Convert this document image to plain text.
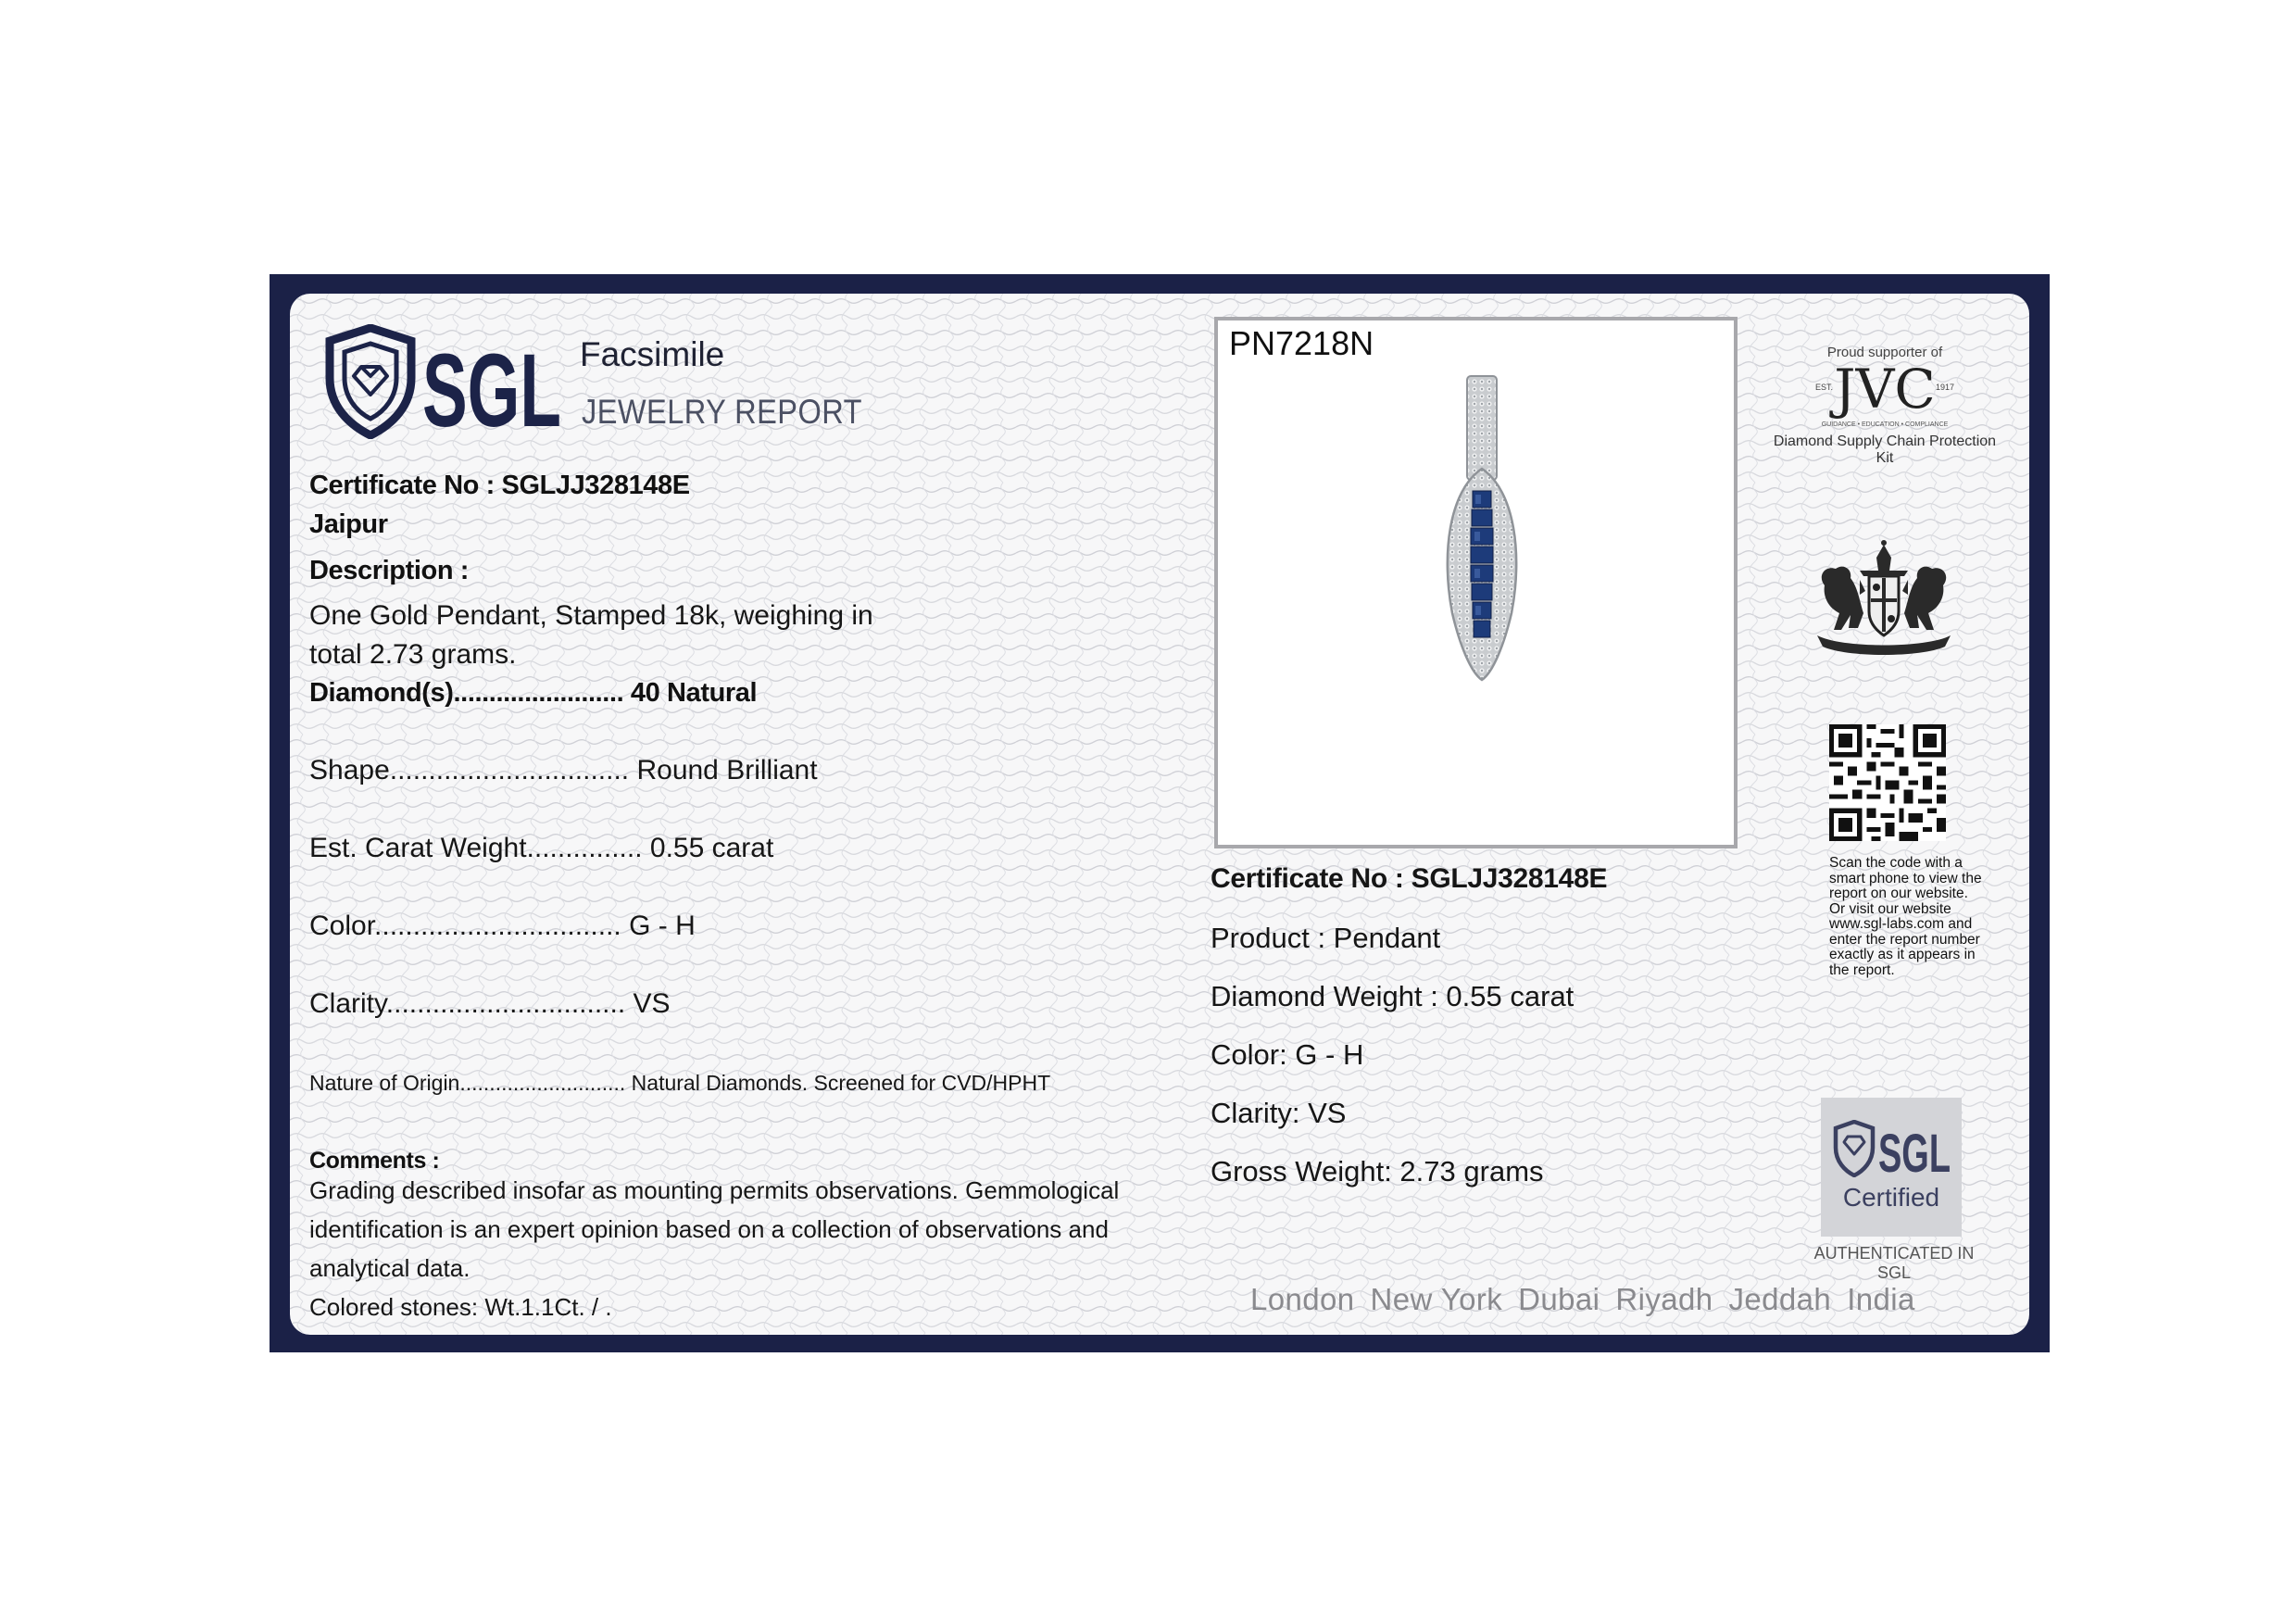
SGL Facsimile
JEWELRY REPORT
Certificate No : SGLJJ328148E
Jaipur
Description :
One Gold Pendant, Stamped 18k, weighing in
total 2.73 grams.
Diamond(s)........................ 40 Natural
Shape............................... Round Brilliant
Est. Carat Weight............... 0.55 carat
Color................................ G - H
Clarity............................... VS
Nature of Origin............................ Natural Diamonds. Screened for CVD/HPHT
Comments :
Grading described insofar as mounting permits observations. Gemmological
identification is an expert opinion based on a collection of observations and
analytical data.
Colored stones: Wt.1.1Ct. / .
PN7218N
Certificate No : SGLJJ328148E
Product : Pendant
Diamond Weight : 0.55 carat
Color: G - H
Clarity: VS
Gross Weight: 2.73 grams
Proud supporter of
EST. JVC 1917
GUIDANCE • EDUCATION • COMPLIANCE
Diamond Supply Chain Protection Kit
Scan the code with a smart phone to view the report on our website. Or visit our website www.sgl-labs.com and enter the report number exactly as it appears in the report.
SGL
Certified
AUTHENTICATED IN SGL
London New York Dubai Riyadh Jeddah India
